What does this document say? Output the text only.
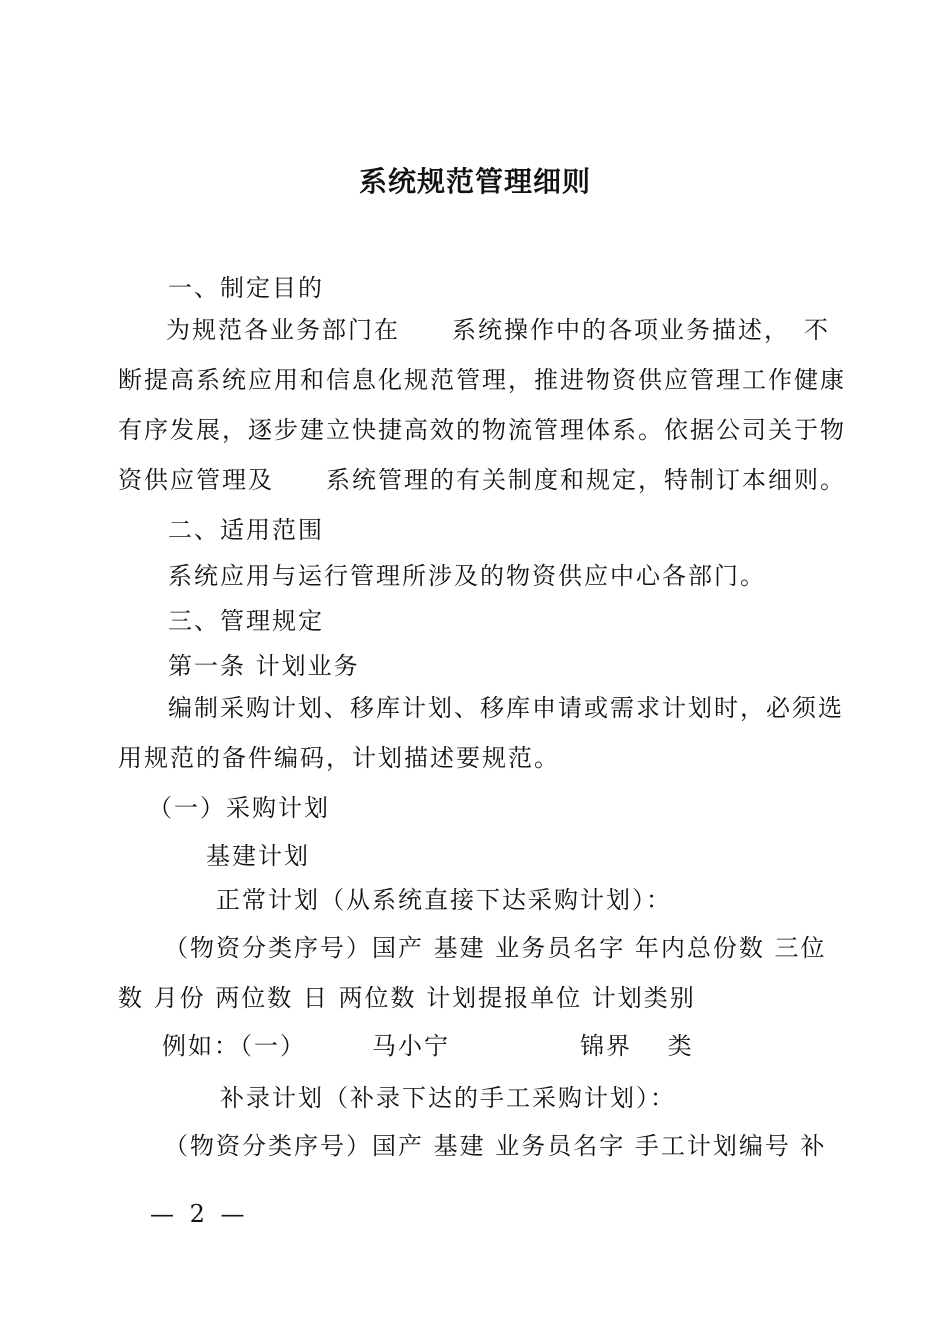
系统规范管理细则
一、制定目的
为规范各业务部门在　　系统操作中的各项业务描述，　不
断提高系统应用和信息化规范管理，推进物资供应管理工作健康
有序发展，逐步建立快捷高效的物流管理体系。依据公司关于物
资供应管理及　　系统管理的有关制度和规定，特制订本细则。
二、适用范围
系统应用与运行管理所涉及的物资供应中心各部门。
三、管理规定
第一条 计划业务
编制采购计划、移库计划、移库申请或需求计划时，必须选
用规范的备件编码，计划描述要规范。
（一）采购计划
基建计划
正常计划（从系统直接下达采购计划）：
（物资分类序号）国产 基建 业务员名字 年内总份数 三位
数 月份 两位数 日 两位数 计划提报单位 计划类别
例如：（一）　　　马小宁　　　　　锦界　 类
补录计划（补录下达的手工采购计划）：
（物资分类序号）国产 基建 业务员名字 手工计划编号 补
— 2 —
